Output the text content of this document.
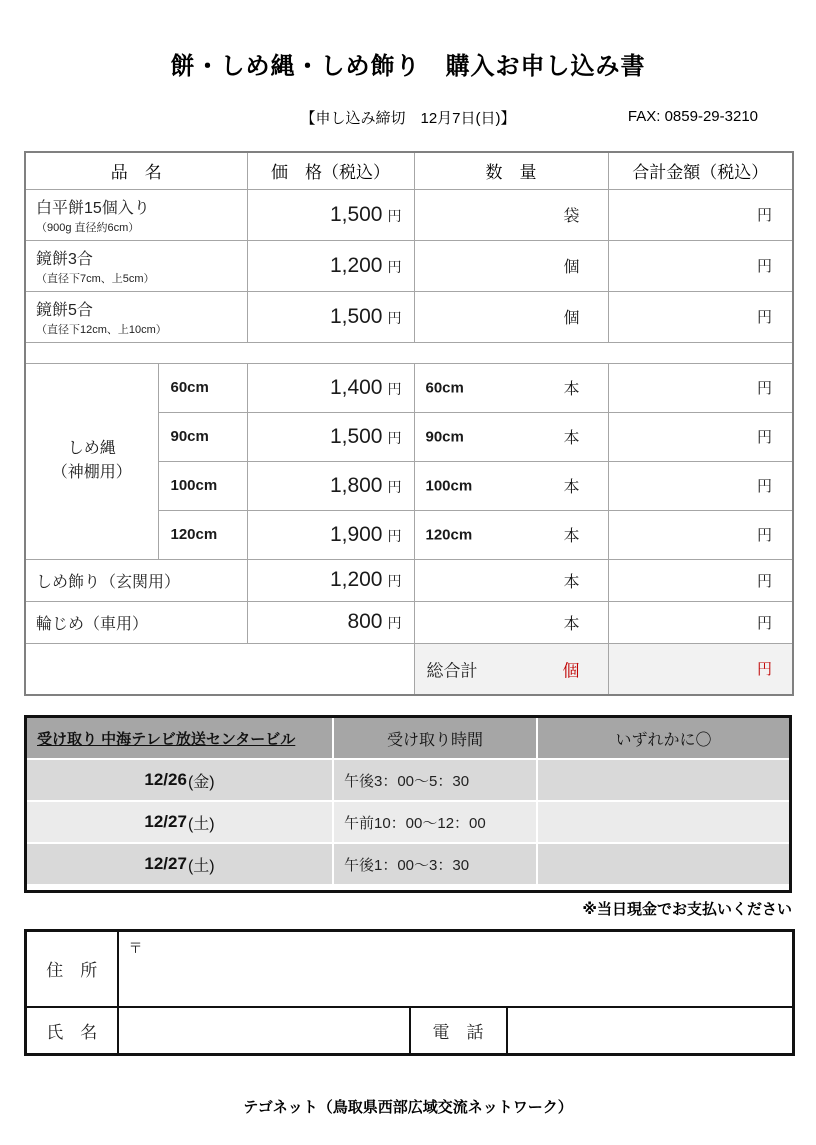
餅・しめ縄・しめ飾り　購入お申し込み書
【申し込み締切　12月7日(日)】	FAX: 0859-29-3210
品　名		価　格（税込）	数　量	合計金額（税込）

白平餅15個入り
（900g 直径約6cm）		1,500 円	袋	円

鏡餅3合
（直径下7cm、上5cm）		1,200 円	個	円

鏡餅5合
（直径下12cm、上10cm）		1,500 円	個	円

しめ縄
（神棚用）
	60cm	1,400 円	60cm	本	円
	90cm	1,500 円	90cm 本	円
	100cm	1,800 円	100cm 本	円
	120cm	1,900 円	120cm 本	円

しめ飾り（玄関用）		1,200 円	本	円

輪じめ（車用）		800 円	本	円

			総合計 個	円
受け取り 中海テレビ放送センタービル	受け取り時間	いずれかに〇
12/26 (金)	午後3：00～5：30
12/27 (土)	午前10：00～12：00
12/27 (土)	午後1：00～3：30
※当日現金でお支払いください
住　所	〒		
氏　名		電　話	
テゴネット（鳥取県西部広域交流ネットワーク）
